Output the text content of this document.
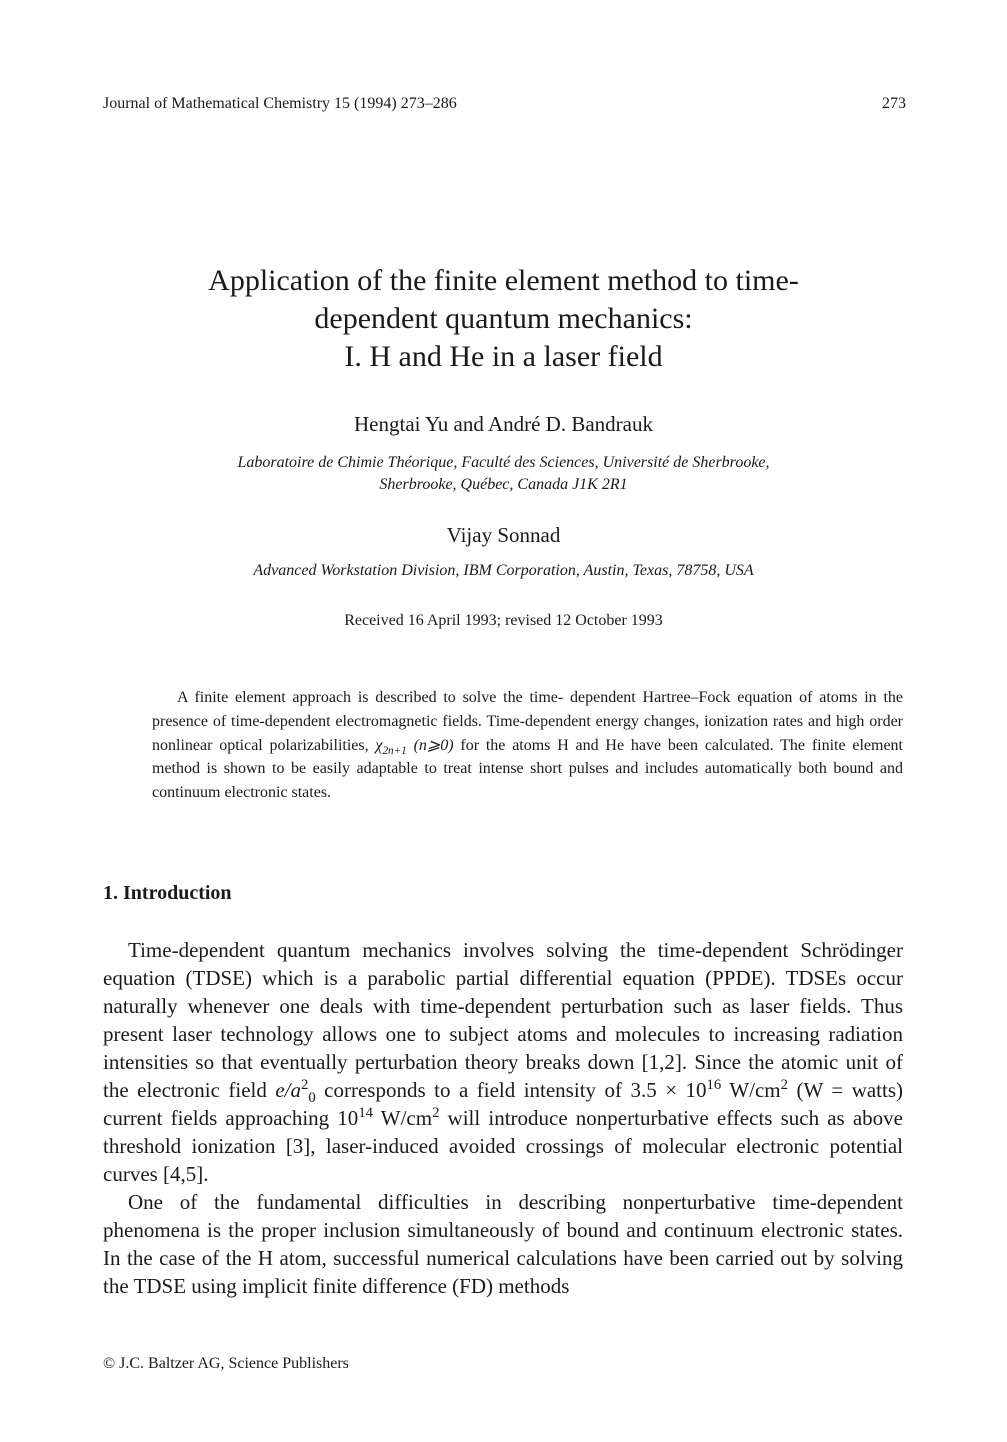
Journal of Mathematical Chemistry 15 (1994) 273–286	273
Application of the finite element method to time-
dependent quantum mechanics:
I. H and He in a laser field
Hengtai Yu and André D. Bandrauk
Laboratoire de Chimie Théorique, Faculté des Sciences, Université de Sherbrooke,
Sherbrooke, Québec, Canada J1K 2R1
Vijay Sonnad
Advanced Workstation Division, IBM Corporation, Austin, Texas, 78758, USA
Received 16 April 1993; revised 12 October 1993
A finite element approach is described to solve the time- dependent Hartree–Fock equation of atoms in the presence of time-dependent electromagnetic fields. Time-dependent energy changes, ionization rates and high order nonlinear optical polarizabilities, $\chi_{2n+1}$ (n⩾0) for the atoms H and He have been calculated. The finite element method is shown to be easily adaptable to treat intense short pulses and includes automatically both bound and continuum electronic states.
1. Introduction

Time-dependent quantum mechanics involves solving the time-dependent Schrödinger equation (TDSE) which is a parabolic partial differential equation (PPDE). TDSEs occur naturally whenever one deals with time-dependent perturbation such as laser fields. Thus present laser technology allows one to subject atoms and molecules to increasing radiation intensities so that eventually perturbation theory breaks down [1,2]. Since the atomic unit of the electronic field $e/a^2_0$ corresponds to a field intensity of $3.5 \times 10^{16}$ $W/cm^2$ (W = watts) current fields approaching $10^{14}$ $W/cm^2$ will introduce nonperturbative effects such as above threshold ionization [3], laser-induced avoided crossings of molecular electronic potential curves [4,5].

One of the fundamental difficulties in describing nonperturbative time-dependent phenomena is the proper inclusion simultaneously of bound and continuum electronic states. In the case of the H atom, successful numerical calculations have been carried out by solving the TDSE using implicit finite difference (FD) methods

© J.C. Baltzer AG, Science Publishers
